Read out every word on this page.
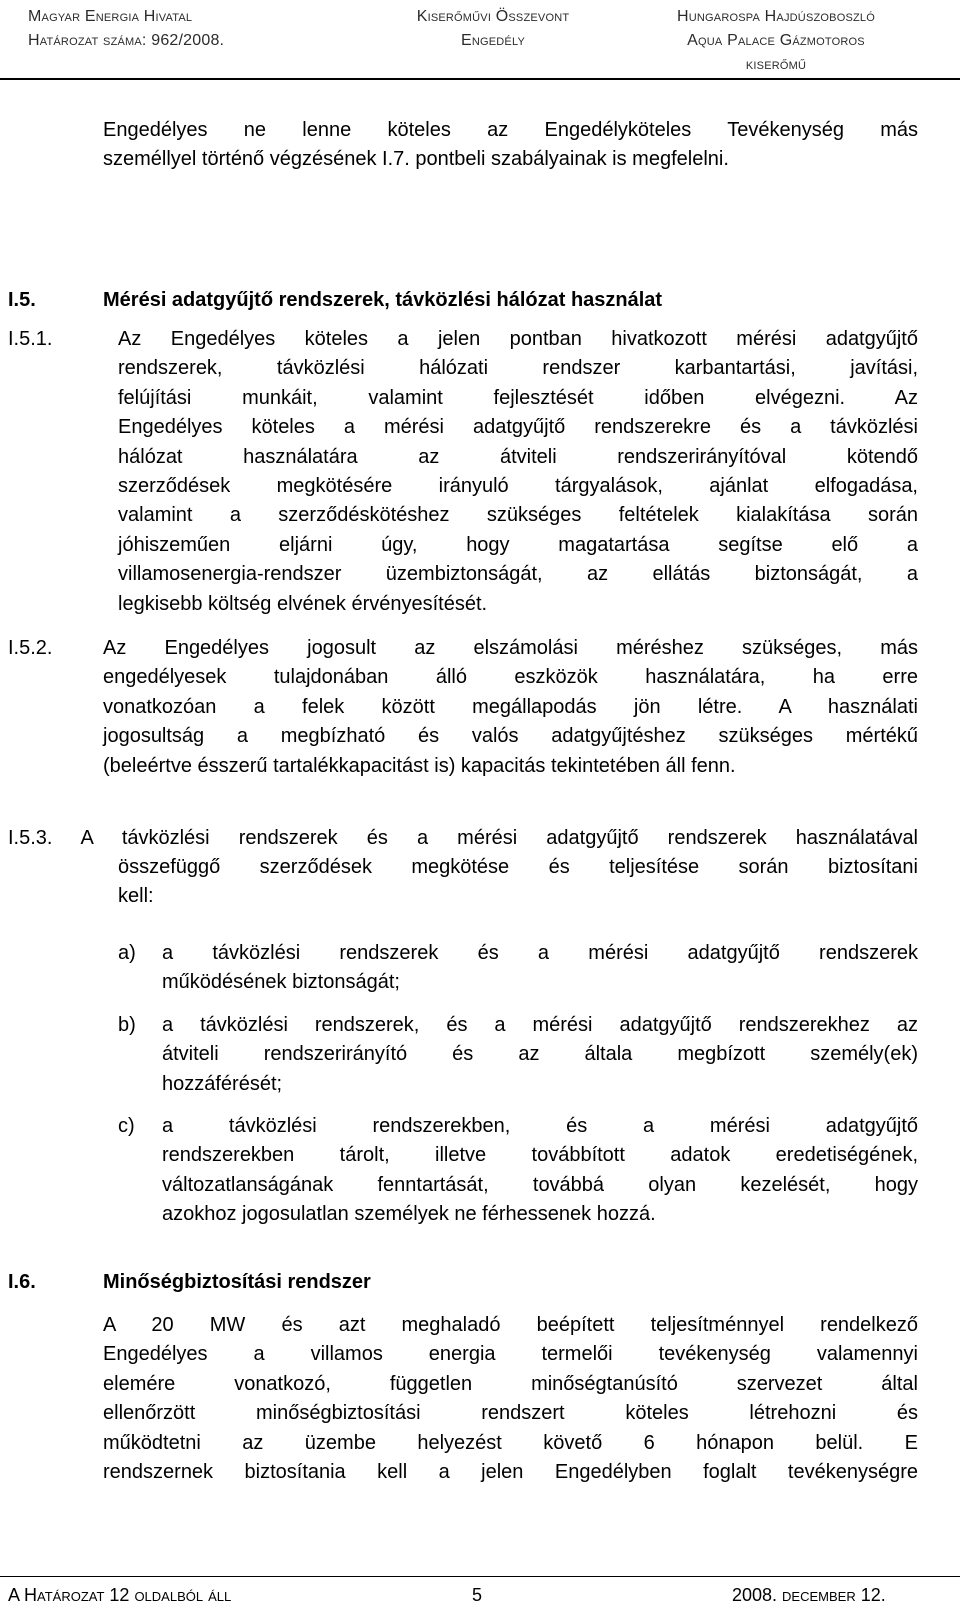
Magyar Energia Hivatal
Határozat száma: 962/2008.
Kiserőművi Összevont
Engedély
Hungarospa Hajdúszoboszló
Aqua Palace Gázmotoros
kiserőmű
Engedélyes ne lenne köteles az Engedélyköteles Tevékenység más
személlyel történő végzésének I.7. pontbeli szabályainak is megfelelni.
I.5.	Mérési adatgyűjtő rendszerek, távközlési hálózat használat
I.5.1.	Az Engedélyes köteles a jelen pontban hivatkozott mérési adatgyűjtő
rendszerek, távközlési hálózati rendszer karbantartási, javítási,
felújítási munkáit, valamint fejlesztését időben elvégezni. Az
Engedélyes köteles a mérési adatgyűjtő rendszerekre és a távközlési
hálózat használatára az átviteli rendszerirányítóval kötendő
szerződések megkötésére irányuló tárgyalások, ajánlat elfogadása,
valamint a szerződéskötéshez szükséges feltételek kialakítása során
jóhiszeműen eljárni úgy, hogy magatartása segítse elő a
villamosenergia-rendszer üzembiztonságát, az ellátás biztonságát, a
legkisebb költség elvének érvényesítését.
I.5.2.	Az Engedélyes jogosult az elszámolási méréshez szükséges, más
engedélyesek tulajdonában álló eszközök használatára, ha erre
vonatkozóan a felek között megállapodás jön létre. A használati
jogosultság a megbízható és valós adatgyűjtéshez szükséges mértékű
(beleértve ésszerű tartalékkapacitást is) kapacitás tekintetében áll fenn.
I.5.3. A távközlési rendszerek és a mérési adatgyűjtő rendszerek használatával
összefüggő szerződések megkötése és teljesítése során biztosítani
kell:
a) a távközlési rendszerek és a mérési adatgyűjtő rendszerek
működésének biztonságát;
b) a távközlési rendszerek, és a mérési adatgyűjtő rendszerekhez az
átviteli rendszerirányító és az általa megbízott személy(ek)
hozzáférését;
c) a távközlési rendszerekben, és a mérési adatgyűjtő
rendszerekben tárolt, illetve továbbított adatok eredetiségének,
változatlanságának fenntartását, továbbá olyan kezelését, hogy
azokhoz jogosulatlan személyek ne férhessenek hozzá.
I.6.	Minőségbiztosítási rendszer
A 20 MW és azt meghaladó beépített teljesítménnyel rendelkező
Engedélyes a villamos energia termelői tevékenység valamennyi
elemére vonatkozó, független minőségtanúsító szervezet által
ellenőrzött minőségbiztosítási rendszert köteles létrehozni és
működtetni az üzembe helyezést követő 6 hónapon belül. E
rendszernek biztosítania kell a jelen Engedélyben foglalt tevékenységre
A Határozat 12 oldalból áll	5	2008. december 12.
